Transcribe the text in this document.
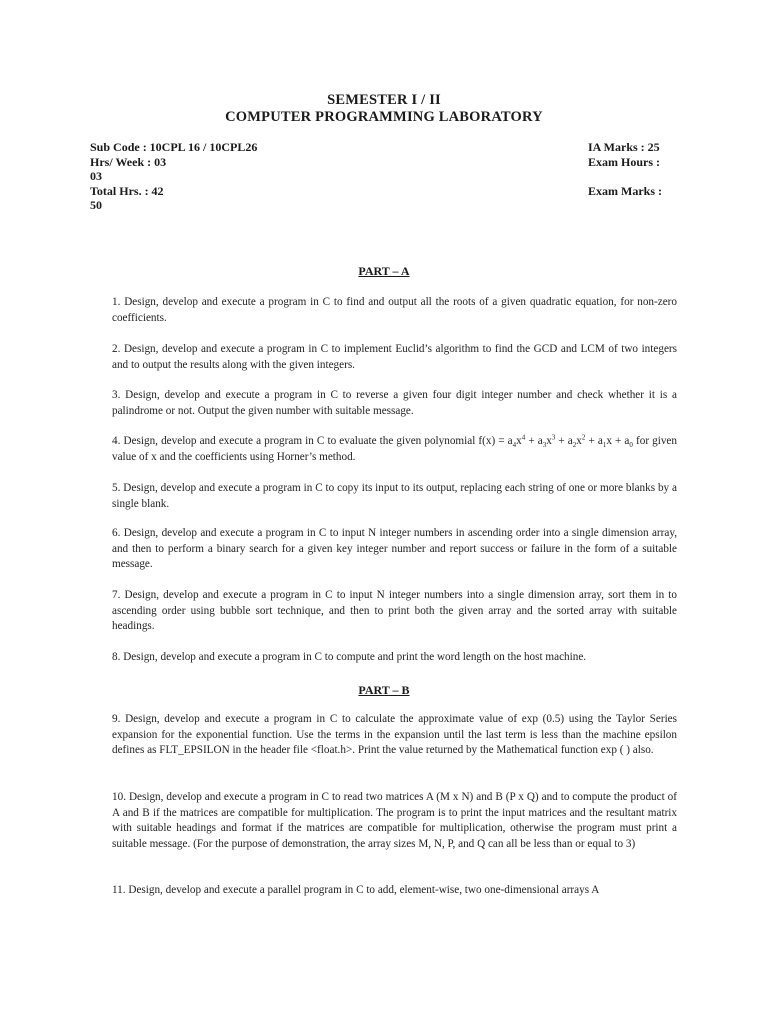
SEMESTER I / II
COMPUTER PROGRAMMING LABORATORY
Sub Code : 10CPL 16 / 10CPL26
Hrs/ Week : 03
03
Total Hrs. : 42
50
IA Marks : 25
Exam Hours :
Exam Marks :
PART – A
1. Design, develop and execute a program in C to find and output all the roots of a given quadratic equation, for non-zero coefficients.
2. Design, develop and execute a program in C to implement Euclid’s algorithm to find the GCD and LCM of two integers and to output the results along with the given integers.
3. Design, develop and execute a program in C to reverse a given four digit integer number and check whether it is a palindrome or not. Output the given number with suitable message.
4. Design, develop and execute a program in C to evaluate the given polynomial $f(x) = a_4x^4 + a_3x^3 + a_2x^2 + a_1x + a_0$ for given value of x and the coefficients using Horner’s method.
5. Design, develop and execute a program in C to copy its input to its output, replacing each string of one or more blanks by a single blank.
6. Design, develop and execute a program in C to input N integer numbers in ascending order into a single dimension array, and then to perform a binary search for a given key integer number and report success or failure in the form of a suitable message.
7. Design, develop and execute a program in C to input N integer numbers into a single dimension array, sort them in to ascending order using bubble sort technique, and then to print both the given array and the sorted array with suitable headings.
8. Design, develop and execute a program in C to compute and print the word length on the host machine.
PART – B
9. Design, develop and execute a program in C to calculate the approximate value of exp (0.5) using the Taylor Series expansion for the exponential function. Use the terms in the expansion until the last term is less than the machine epsilon defines as FLT_EPSILON in the header file <float.h>. Print the value returned by the Mathematical function exp ( ) also.
10. Design, develop and execute a program in C to read two matrices A (M x N) and B (P x Q) and to compute the product of A and B if the matrices are compatible for multiplication. The program is to print the input matrices and the resultant matrix with suitable headings and format if the matrices are compatible for multiplication, otherwise the program must print a suitable message. (For the purpose of demonstration, the array sizes M, N, P, and Q can all be less than or equal to 3)
11. Design, develop and execute a parallel program in C to add, element-wise, two one-dimensional arrays A
